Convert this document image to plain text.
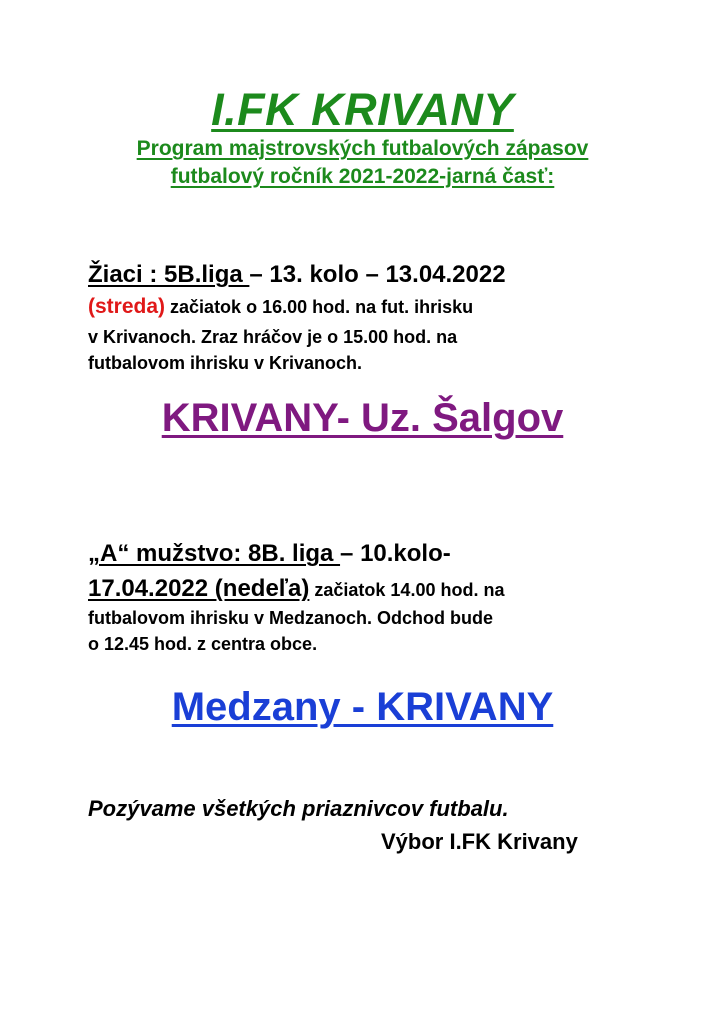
I.FK KRIVANY
Program majstrovských futbalových zápasov
futbalový ročník 2021-2022-jarná časť:
Žiaci : 5B.liga – 13. kolo – 13.04.2022
(streda) začiatok o 16.00 hod. na fut. ihrisku
v Krivanoch. Zraz hráčov je o 15.00 hod. na
futbalovom ihrisku v Krivanoch.
KRIVANY- Uz. Šalgov
„A“ mužstvo: 8B. liga – 10.kolo-
17.04.2022 (nedeľa) začiatok 14.00 hod. na
futbalovom ihrisku v Medzanoch. Odchod bude
o 12.45 hod. z centra obce.
Medzany - KRIVANY
Pozývame všetkých priaznivcov futbalu.
Výbor I.FK Krivany
